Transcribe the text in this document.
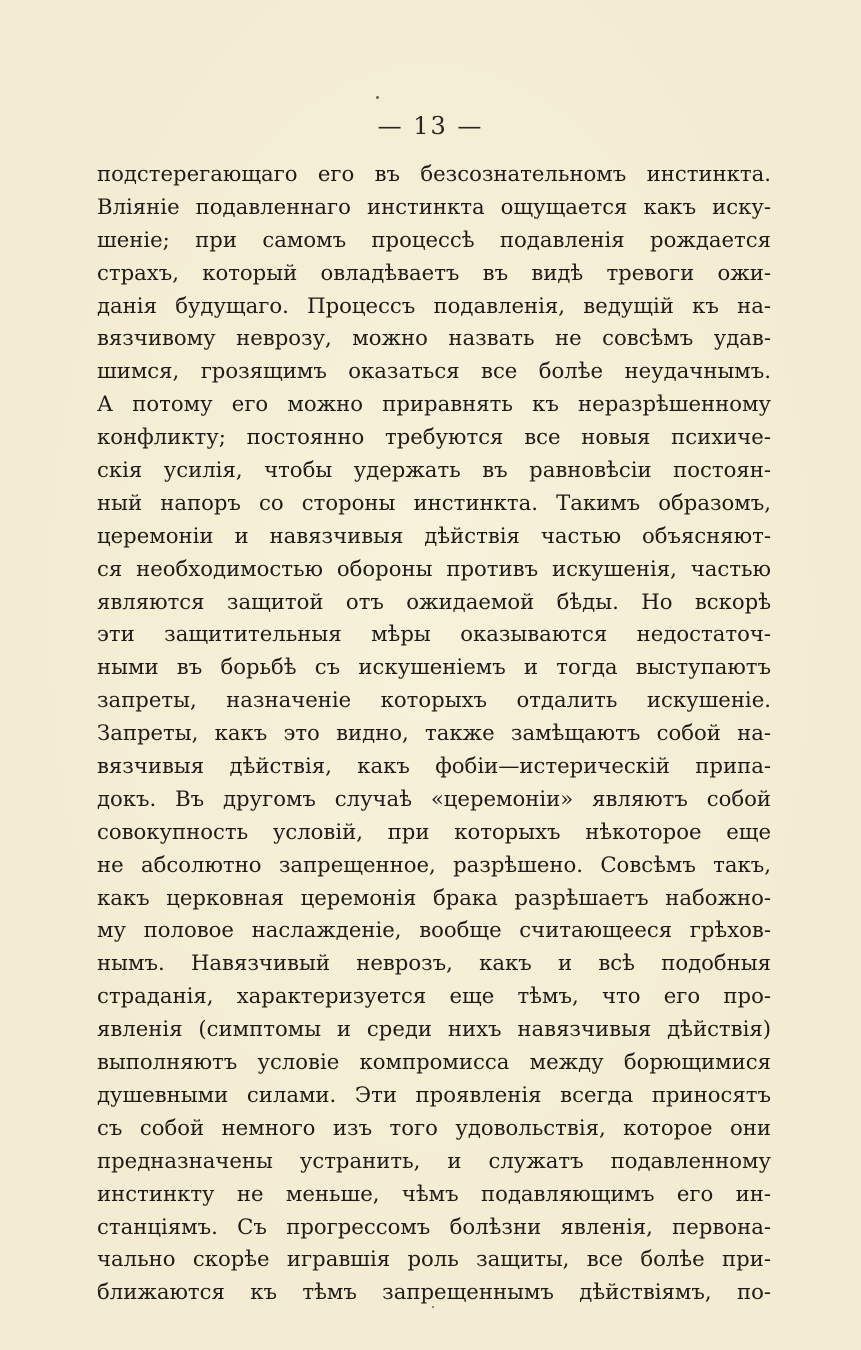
— 13 —
подстерегающаго его въ безсознательномъ инстинкта.
Вліяніе подавленнаго инстинкта ощущается какъ иску-
шеніе; при самомъ процессѣ подавленія рождается
страхъ, который овладѣваетъ въ видѣ тревоги ожи-
данія будущаго. Процессъ подавленія, ведущій къ на-
вязчивому неврозу, можно назвать не совсѣмъ удав-
шимся, грозящимъ оказаться все болѣе неудачнымъ.
А потому его можно приравнять къ неразрѣшенному
конфликту; постоянно требуются все новыя психиче-
скія усилія, чтобы удержать въ равновѣсіи постоян-
ный напоръ со стороны инстинкта. Такимъ образомъ,
церемоніи и навязчивыя дѣйствія частью объясняют-
ся необходимостью обороны противъ искушенія, частью
являются защитой отъ ожидаемой бѣды. Но вскорѣ
эти защитительныя мѣры оказываются недостаточ-
ными въ борьбѣ съ искушеніемъ и тогда выступаютъ
запреты, назначеніе которыхъ отдалить искушеніе.
Запреты, какъ это видно, также замѣщаютъ собой на-
вязчивыя дѣйствія, какъ фобіи—истерическій припа-
докъ. Въ другомъ случаѣ «церемоніи» являютъ собой
совокупность условій, при которыхъ нѣкоторое еще
не абсолютно запрещенное, разрѣшено. Совсѣмъ такъ,
какъ церковная церемонія брака разрѣшаетъ набожно-
му половое наслажденіе, вообще считающееся грѣхов-
нымъ. Навязчивый неврозъ, какъ и всѣ подобныя
страданія, характеризуется еще тѣмъ, что его про-
явленія (симптомы и среди нихъ навязчивыя дѣйствія)
выполняютъ условіе компромисса между борющимися
душевными силами. Эти проявленія всегда приносятъ
съ собой немного изъ того удовольствія, которое они
предназначены устранить, и служатъ подавленному
инстинкту не меньше, чѣмъ подавляющимъ его ин-
станціямъ. Съ прогрессомъ болѣзни явленія, первона-
чально скорѣе игравшія роль защиты, все болѣе при-
ближаются къ тѣмъ запрещеннымъ дѣйствіямъ, по-
